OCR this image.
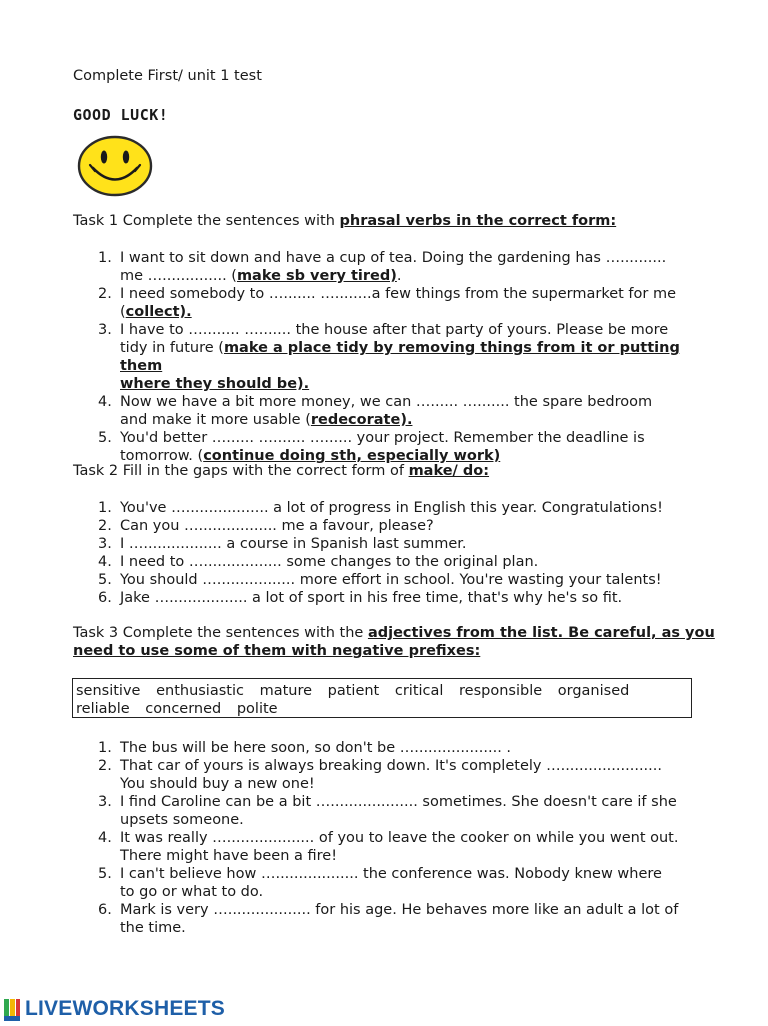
Complete First/ unit 1 test
GOOD LUCK!
Task 1 Complete the sentences with phrasal verbs in the correct form:
1. I want to sit down and have a cup of tea. Doing the gardening has …..........
me ….............. (make sb very tired).
2. I need somebody to …....... …........a few things from the supermarket for me
(collect).
3. I have to …........ …....... the house after that party of yours. Please be more
tidy in future (make a place tidy by removing things from it or putting them
where they should be).
4. Now we have a bit more money, we can …...... …....... the spare bedroom
and make it more usable (redecorate).
5. You'd better …...... …....... …...... your project. Remember the deadline is
tomorrow. (continue doing sth, especially work)
Task 2 Fill in the gaps with the correct form of make/ do:
1. You've ….................. a lot of progress in English this year. Congratulations!
2. Can you …................. me a favour, please?
3. I …................. a course in Spanish last summer.
4. I need to …................. some changes to the original plan.
5. You should …................. more effort in school. You're wasting your talents!
6. Jake …................. a lot of sport in his free time, that's why he's so fit.
Task 3 Complete the sentences with the adjectives from the list. Be careful, as you
need to use some of them with negative prefixes:
sensitive enthusiastic mature patient critical responsible organised
reliable concerned polite
1. The bus will be here soon, so don't be …................... .
2. That car of yours is always breaking down. It's completely …......................
You should buy a new one!
3. I find Caroline can be a bit …................... sometimes. She doesn't care if she
upsets someone.
4. It was really …................... of you to leave the cooker on while you went out.
There might have been a fire!
5. I can't believe how ….................. the conference was. Nobody knew where
to go or what to do.
6. Mark is very ….................. for his age. He behaves more like an adult a lot of
the time.
LIVEWORKSHEETS
